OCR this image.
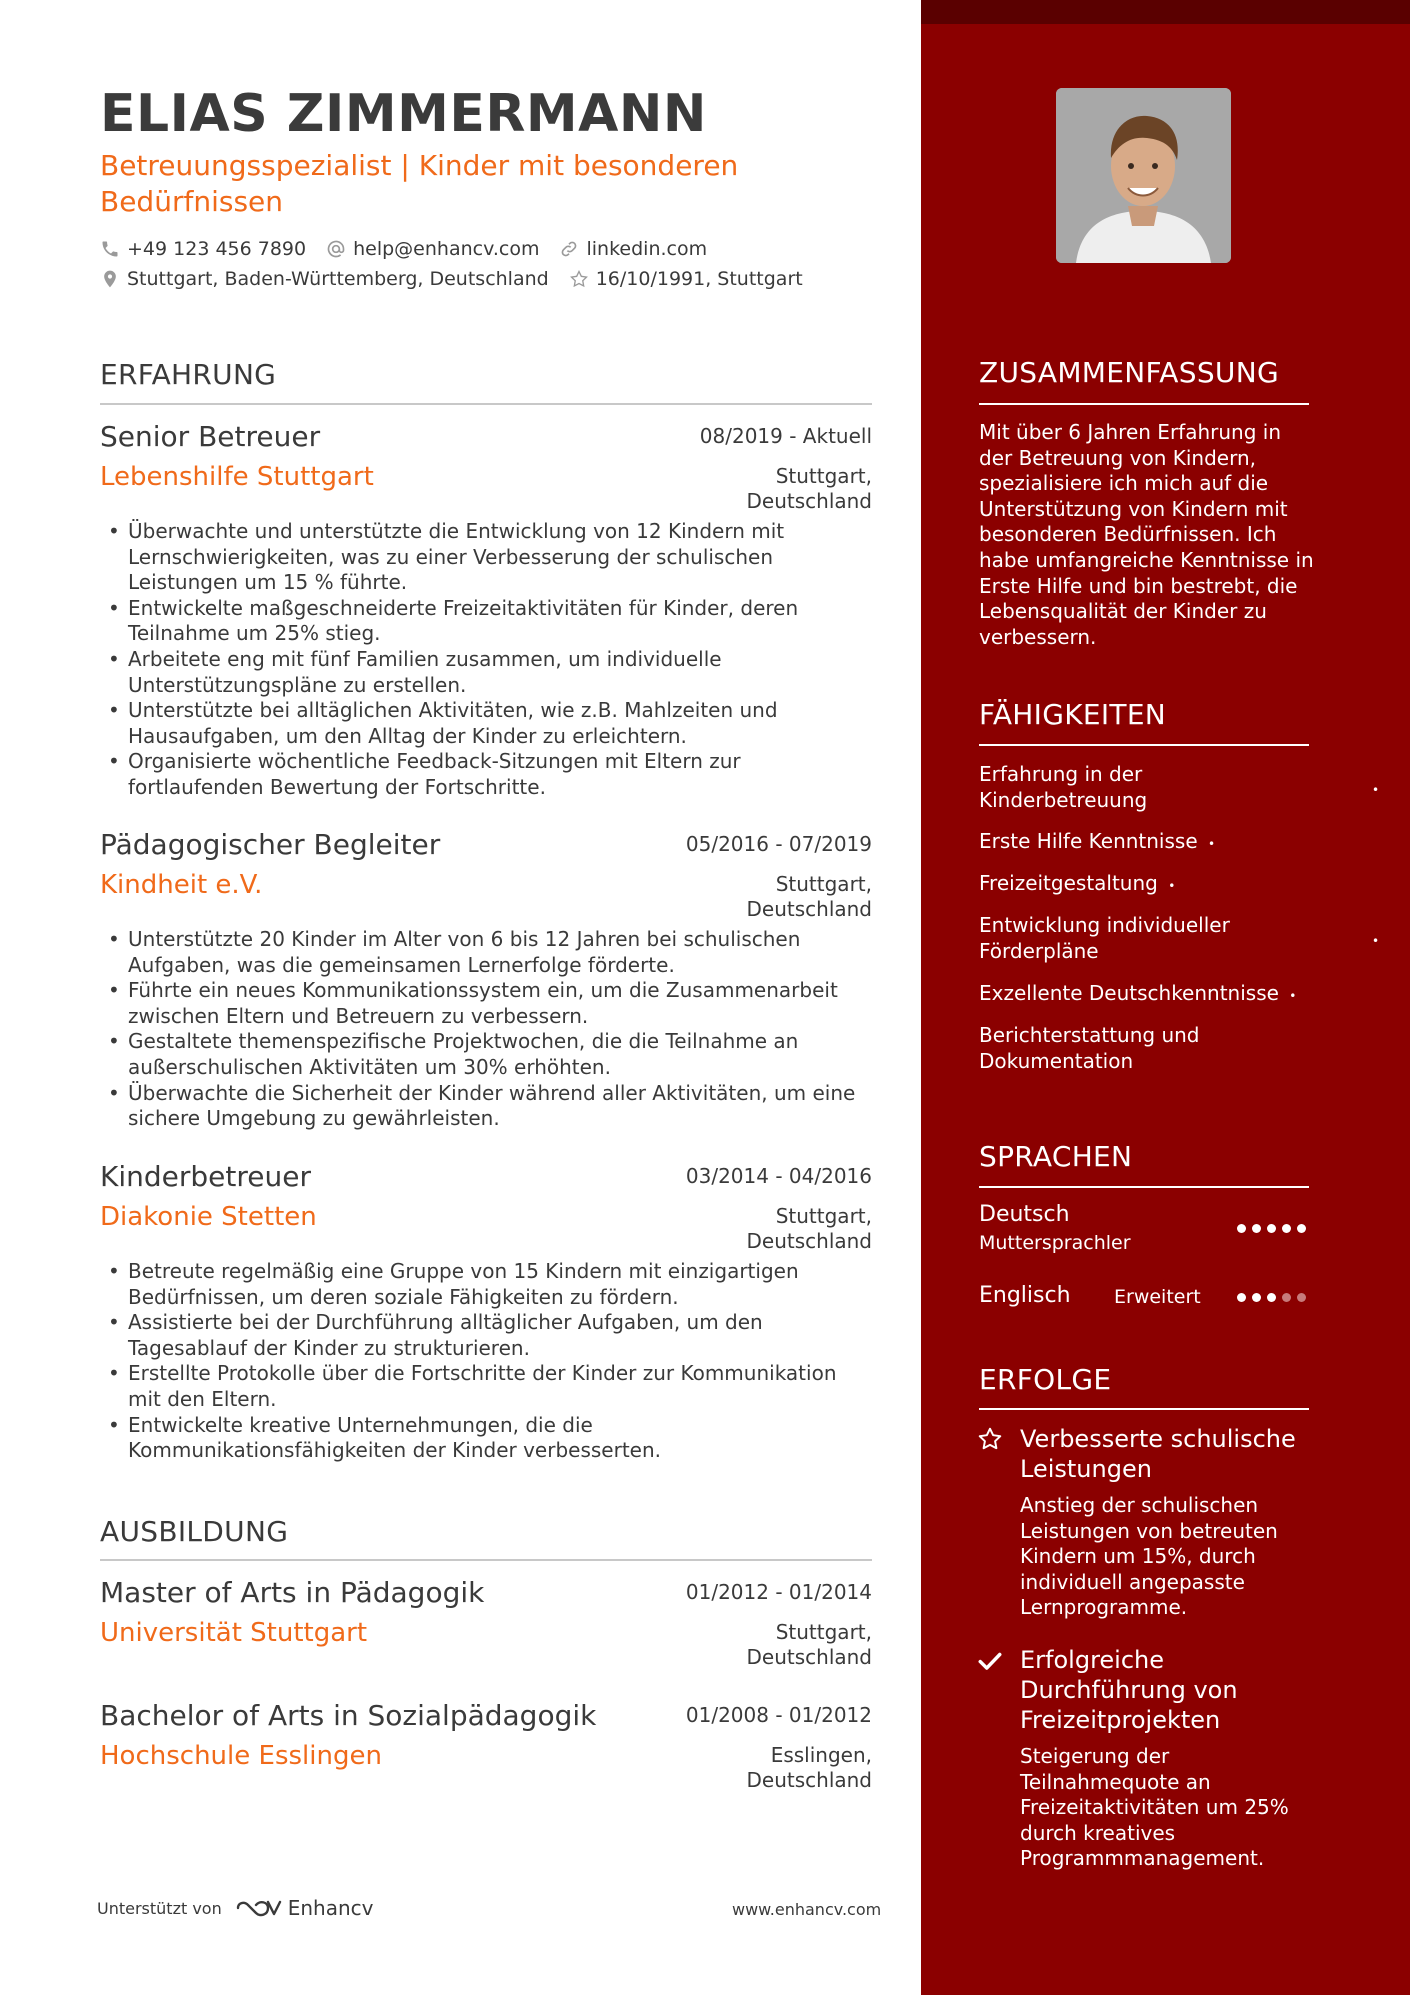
ELIAS ZIMMERMANN
Betreuungsspezialist | Kinder mit besonderen Bedürfnissen
+49 123 456 7890 help@enhancv.com linkedin.com
Stuttgart, Baden-Württemberg, Deutschland 16/10/1991, Stuttgart
ERFAHRUNG
Senior Betreuer	08/2019 - Aktuell
Lebenshilfe Stuttgart	Stuttgart,
Deutschland
• Überwachte und unterstützte die Entwicklung von 12 Kindern mit Lernschwierigkeiten, was zu einer Verbesserung der schulischen Leistungen um 15 % führte.
• Entwickelte maßgeschneiderte Freizeitaktivitäten für Kinder, deren Teilnahme um 25% stieg.
• Arbeitete eng mit fünf Familien zusammen, um individuelle Unterstützungspläne zu erstellen.
• Unterstützte bei alltäglichen Aktivitäten, wie z.B. Mahlzeiten und Hausaufgaben, um den Alltag der Kinder zu erleichtern.
• Organisierte wöchentliche Feedback-Sitzungen mit Eltern zur fortlaufenden Bewertung der Fortschritte.
Pädagogischer Begleiter	05/2016 - 07/2019
Kindheit e.V.	Stuttgart,
Deutschland
• Unterstützte 20 Kinder im Alter von 6 bis 12 Jahren bei schulischen Aufgaben, was die gemeinsamen Lernerfolge förderte.
• Führte ein neues Kommunikationssystem ein, um die Zusammenarbeit zwischen Eltern und Betreuern zu verbessern.
• Gestaltete themenspezifische Projektwochen, die die Teilnahme an außerschulischen Aktivitäten um 30% erhöhten.
• Überwachte die Sicherheit der Kinder während aller Aktivitäten, um eine sichere Umgebung zu gewährleisten.
Kinderbetreuer	03/2014 - 04/2016
Diakonie Stetten	Stuttgart,
Deutschland
• Betreute regelmäßig eine Gruppe von 15 Kindern mit einzigartigen Bedürfnissen, um deren soziale Fähigkeiten zu fördern.
• Assistierte bei der Durchführung alltäglicher Aufgaben, um den Tagesablauf der Kinder zu strukturieren.
• Erstellte Protokolle über die Fortschritte der Kinder zur Kommunikation mit den Eltern.
• Entwickelte kreative Unternehmungen, die die Kommunikationsfähigkeiten der Kinder verbesserten.
AUSBILDUNG
Master of Arts in Pädagogik	01/2012 - 01/2014
Universität Stuttgart	Stuttgart,
Deutschland
Bachelor of Arts in Sozialpädagogik	01/2008 - 01/2012
Hochschule Esslingen	Esslingen,
Deutschland
Unterstützt von	Enhancv	www.enhancv.com
ZUSAMMENFASSUNG
Mit über 6 Jahren Erfahrung in der Betreuung von Kindern, spezialisiere ich mich auf die Unterstützung von Kindern mit besonderen Bedürfnissen. Ich habe umfangreiche Kenntnisse in Erste Hilfe und bin bestrebt, die Lebensqualität der Kinder zu verbessern.
FÄHIGKEITEN
Erfahrung in der Kinderbetreuung	•
Erste Hilfe Kenntnisse •
Freizeitgestaltung •
Entwicklung individueller Förderpläne	•
Exzellente Deutschkenntnisse •
Berichterstattung und Dokumentation
SPRACHEN
Deutsch
Muttersprachler
Englisch Erweitert
ERFOLGE
Verbesserte schulische Leistungen
Anstieg der schulischen Leistungen von betreuten Kindern um 15%, durch individuell angepasste Lernprogramme.
Erfolgreiche Durchführung von Freizeitprojekten
Steigerung der Teilnahmequote an Freizeitaktivitäten um 25% durch kreatives Programmmanagement.
